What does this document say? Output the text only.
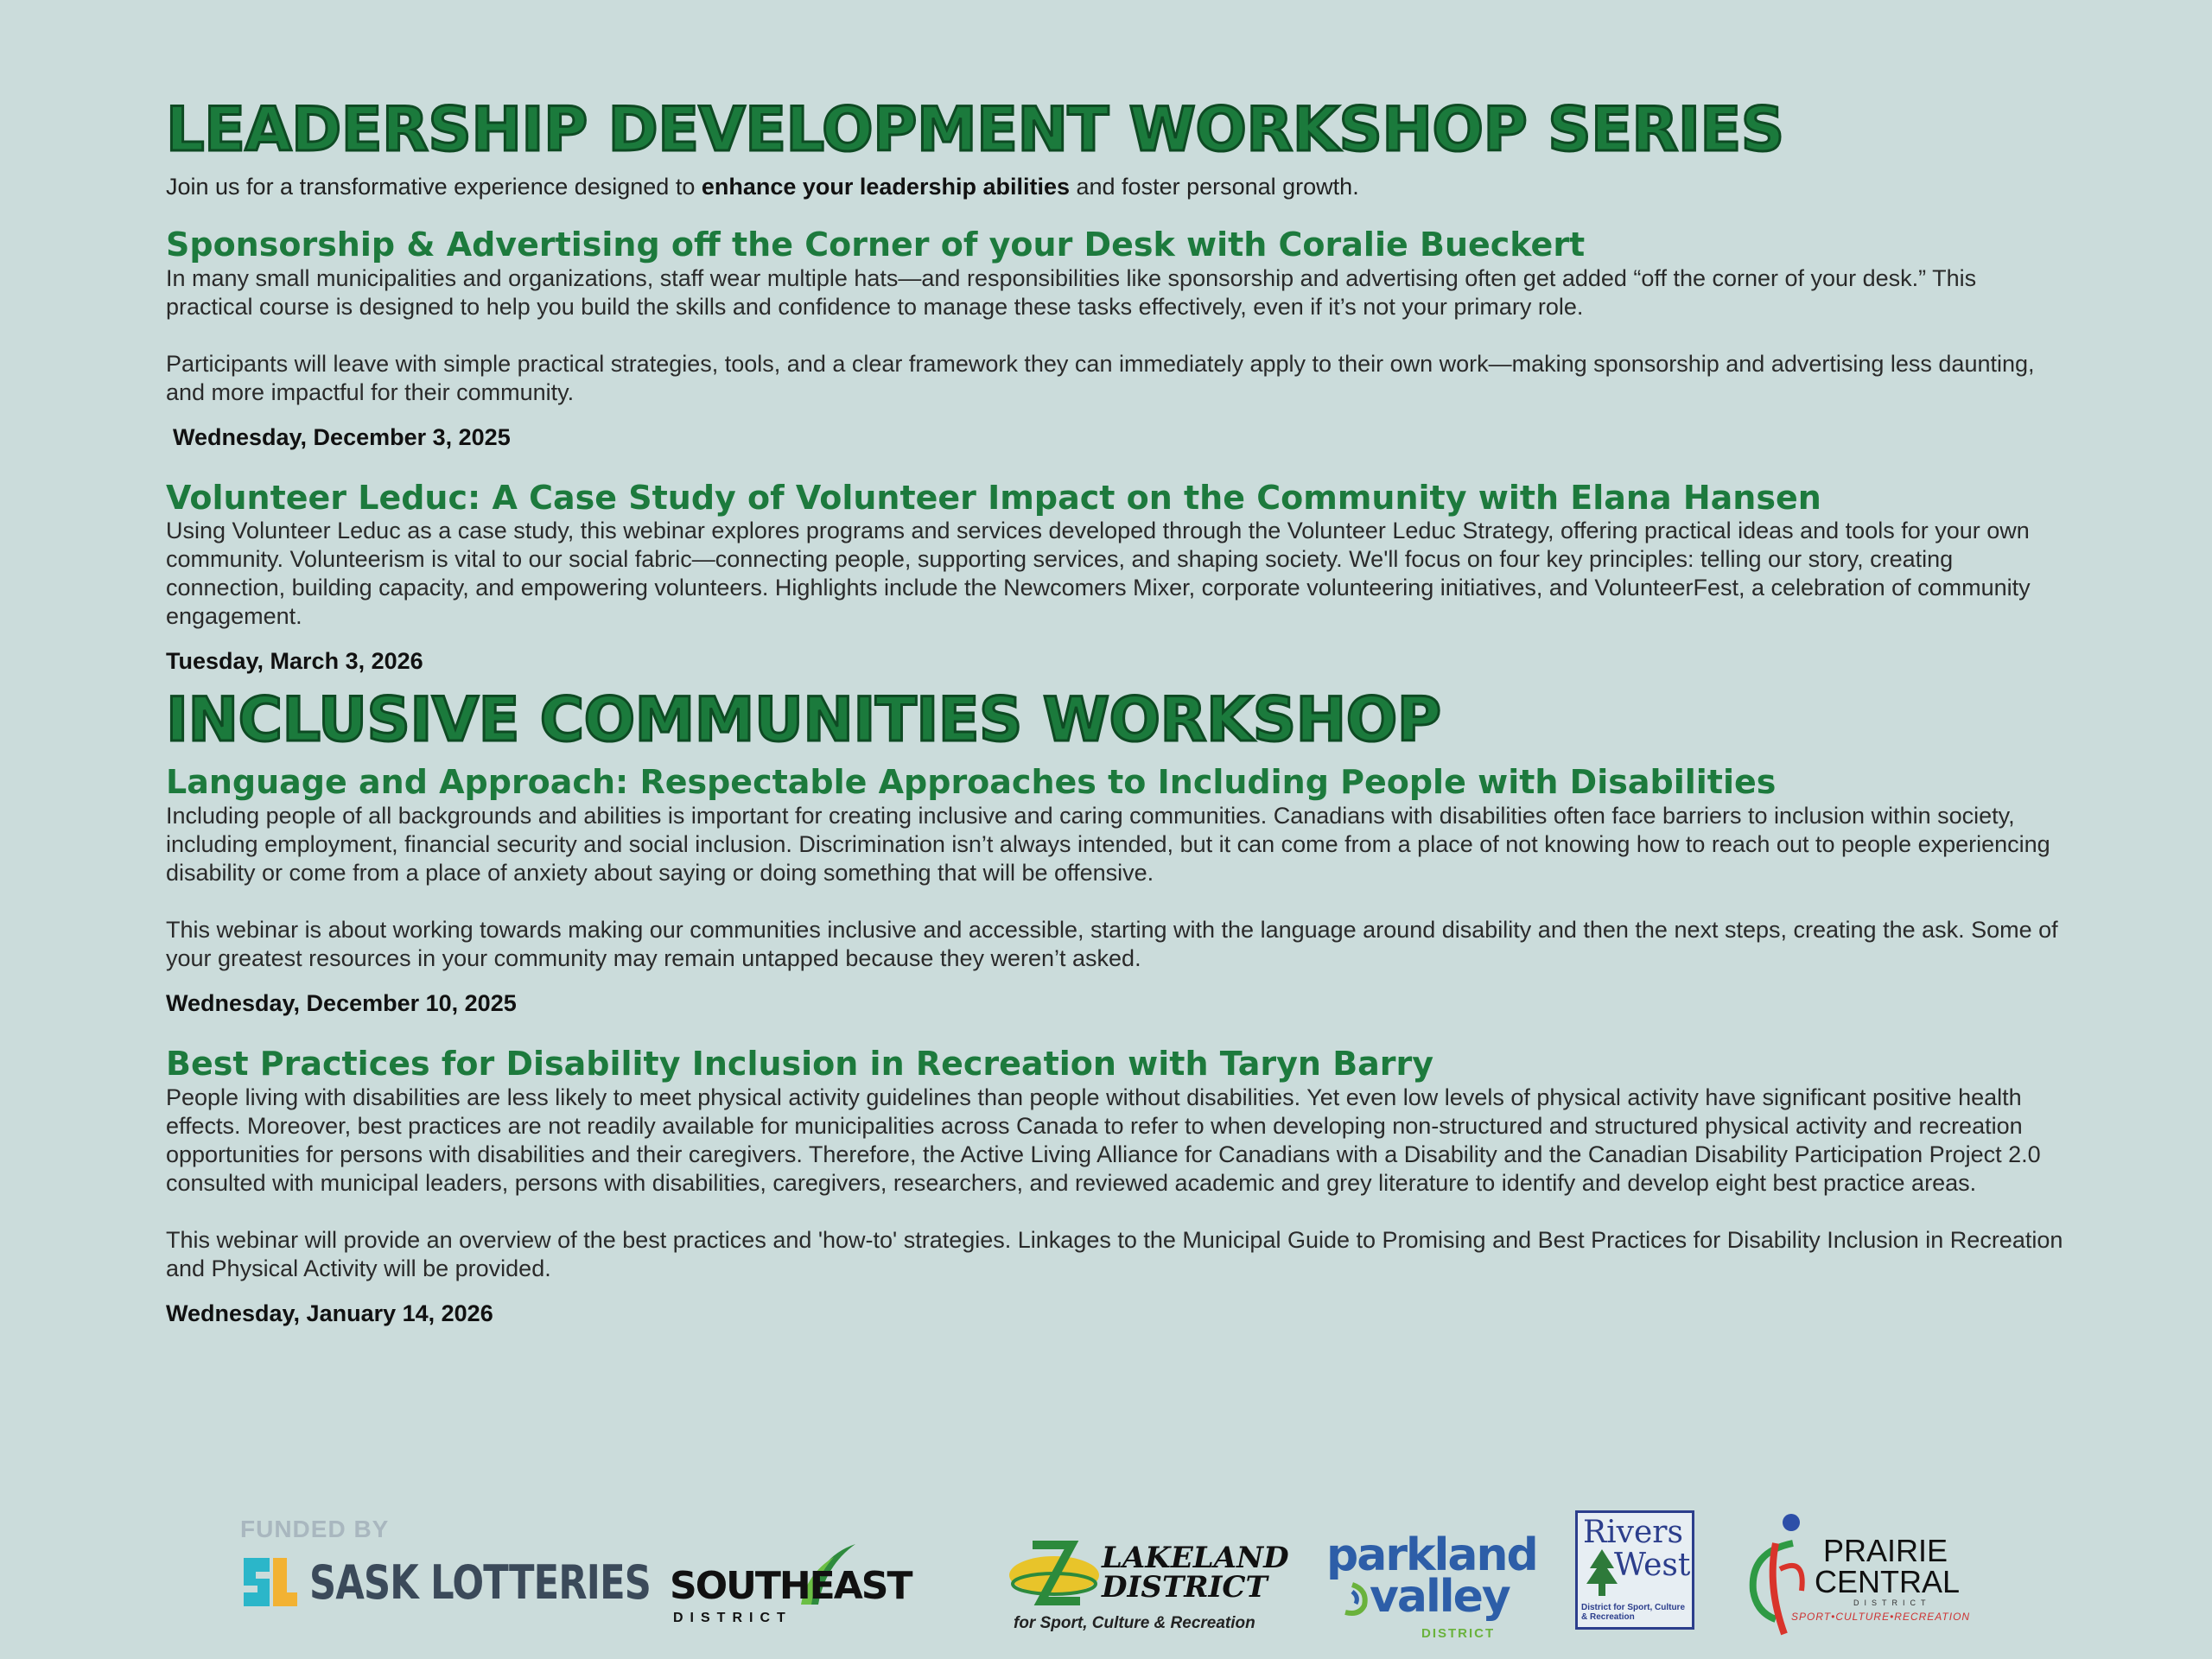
LEADERSHIP DEVELOPMENT WORKSHOP SERIES

Join us for a transformative experience designed to enhance your leadership abilities and foster personal growth.

Sponsorship & Advertising off the Corner of your Desk with Coralie Bueckert

In many small municipalities and organizations, staff wear multiple hats—and responsibilities like sponsorship and advertising often get added “off the corner of your desk.” This practical course is designed to help you build the skills and confidence to manage these tasks effectively, even if it’s not your primary role.

Participants will leave with simple practical strategies, tools, and a clear framework they can immediately apply to their own work—making sponsorship and advertising less daunting, and more impactful for their community.

Wednesday, December 3, 2025
Volunteer Leduc: A Case Study of Volunteer Impact on the Community with Elana Hansen

Using Volunteer Leduc as a case study, this webinar explores programs and services developed through the Volunteer Leduc Strategy, offering practical ideas and tools for your own community. Volunteerism is vital to our social fabric—connecting people, supporting services, and shaping society. We'll focus on four key principles: telling our story, creating connection, building capacity, and empowering volunteers. Highlights include the Newcomers Mixer, corporate volunteering initiatives, and VolunteerFest, a celebration of community engagement.

Tuesday, March 3, 2026
INCLUSIVE COMMUNITIES WORKSHOP
Language and Approach: Respectable Approaches to Including People with Disabilities

Including people of all backgrounds and abilities is important for creating inclusive and caring communities. Canadians with disabilities often face barriers to inclusion within society, including employment, financial security and social inclusion. Discrimination isn’t always intended, but it can come from a place of not knowing how to reach out to people experiencing disability or come from a place of anxiety about saying or doing something that will be offensive.

This webinar is about working towards making our communities inclusive and accessible, starting with the language around disability and then the next steps, creating the ask. Some of your greatest resources in your community may remain untapped because they weren’t asked.

Wednesday, December 10, 2025
Best Practices for Disability Inclusion in Recreation with Taryn Barry

People living with disabilities are less likely to meet physical activity guidelines than people without disabilities. Yet even low levels of physical activity have significant positive health effects. Moreover, best practices are not readily available for municipalities across Canada to refer to when developing non-structured and structured physical activity and recreation opportunities for persons with disabilities and their caregivers. Therefore, the Active Living Alliance for Canadians with a Disability and the Canadian Disability Participation Project 2.0 consulted with municipal leaders, persons with disabilities, caregivers, researchers, and reviewed academic and grey literature to identify and develop eight best practice areas.

This webinar will provide an overview of the best practices and 'how-to' strategies. Linkages to the Municipal Guide to Promising and Best Practices for Disability Inclusion in Recreation and Physical Activity will be provided.

Wednesday, January 14, 2026
FUNDED BY
SASK LOTTERIES SOUTHEAST
DISTRICT
LAKELAND
DISTRICT
for Sport, Culture & Recreation
parkland
valley
DISTRICT
Rivers
West
District for Sport, Culture & Recreation
PRAIRIE
CENTRAL
DISTRICT
SPORT•CULTURE•RECREATION
